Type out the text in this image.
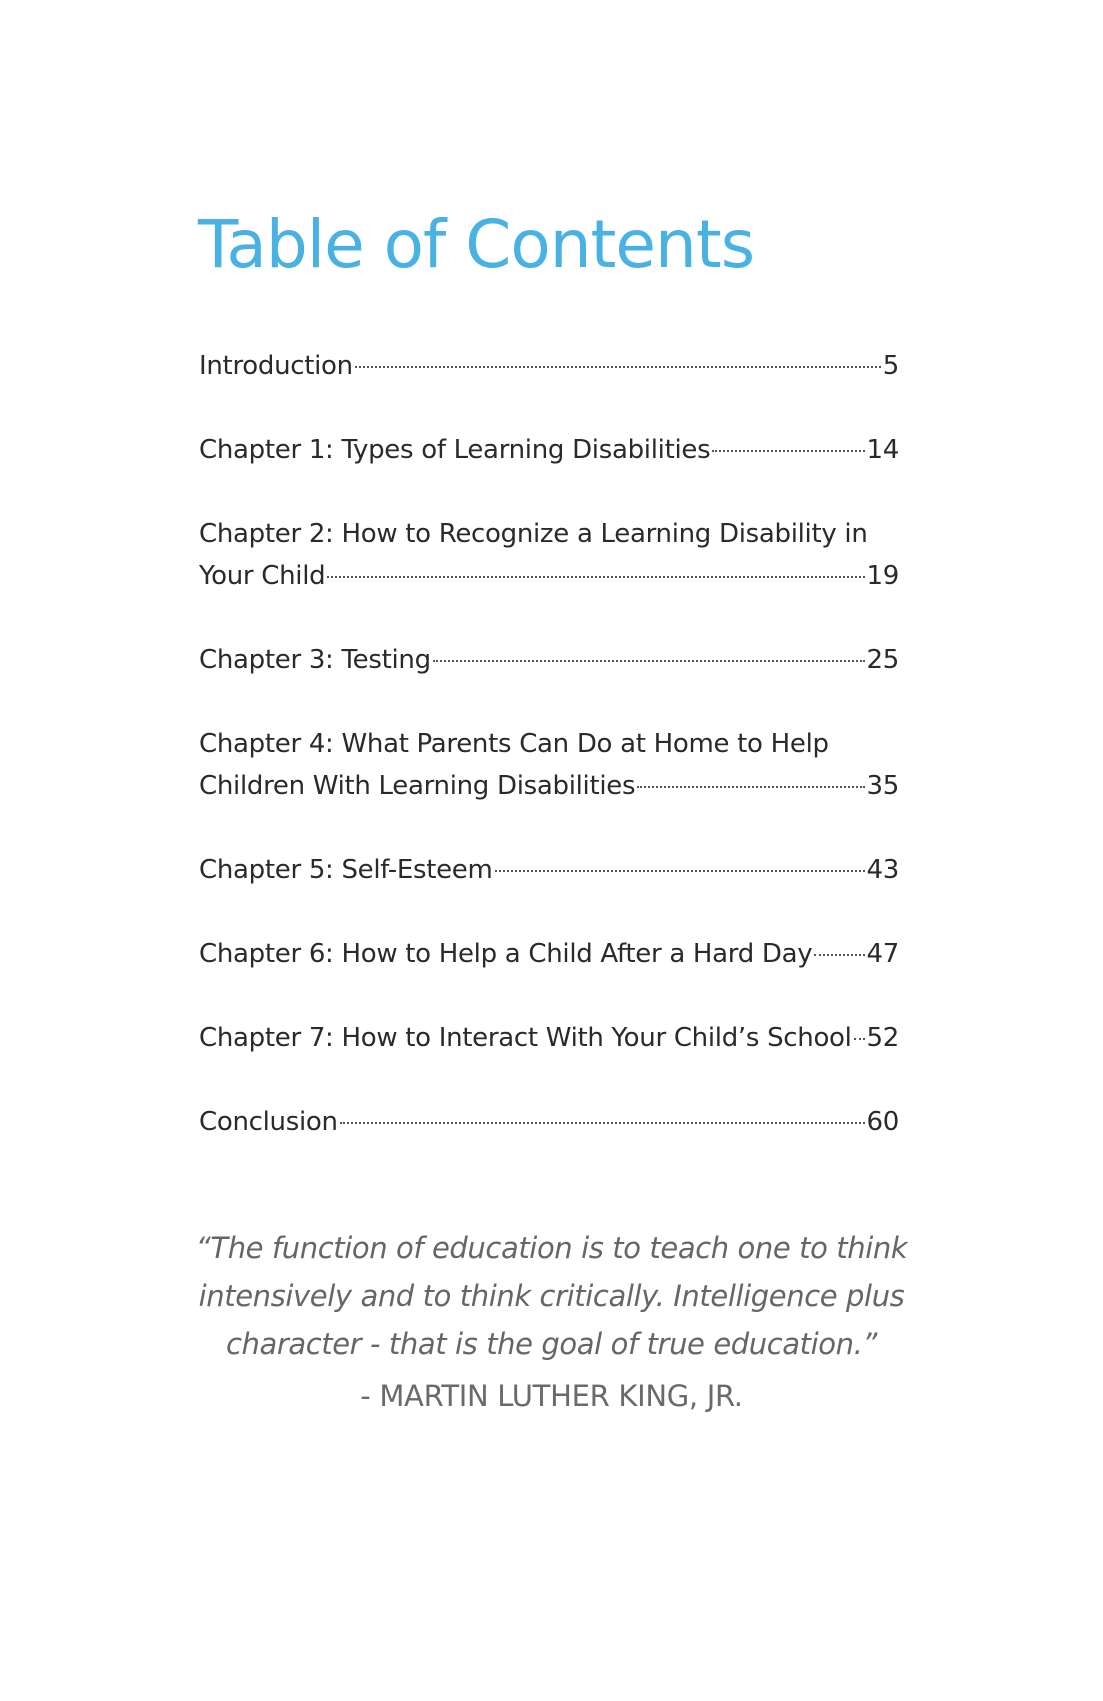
Table of Contents
Introduction	5
Chapter 1: Types of Learning Disabilities	14
Chapter 2: How to Recognize a Learning Disability in
Your Child	19
Chapter 3: Testing	25
Chapter 4: What Parents Can Do at Home to Help
Children With Learning Disabilities	35
Chapter 5: Self-Esteem	43
Chapter 6: How to Help a Child After a Hard Day 47
Chapter 7: How to Interact With Your Child’s School 52
Conclusion	60

“The function of education is to teach one to think
intensively and to think critically. Intelligence plus
character - that is the goal of true education.”

- MARTIN LUTHER KING, JR.
